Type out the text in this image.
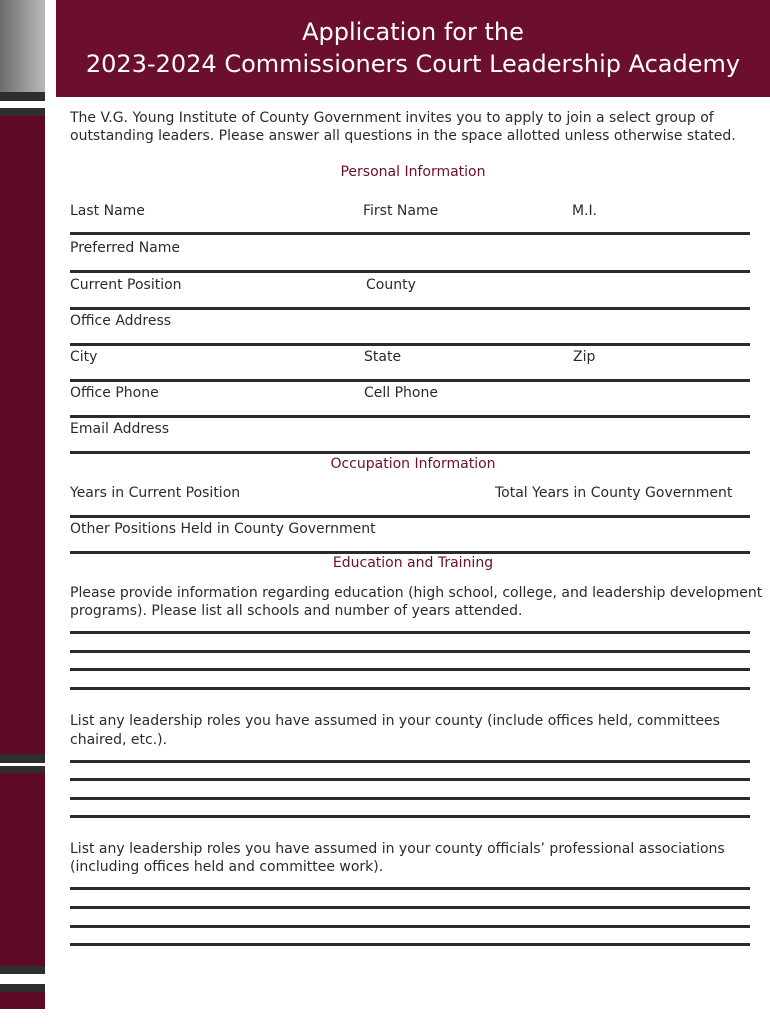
Application for the
2023-2024 Commissioners Court Leadership Academy
The V.G. Young Institute of County Government invites you to apply to join a select group of
outstanding leaders. Please answer all questions in the space allotted unless otherwise stated.
Personal Information
Last Name	First Name	M.I.
Preferred Name
Current Position	County
Office Address
City	State	Zip
Office Phone	Cell Phone
Email Address
Occupation Information
Years in Current Position	Total Years in County Government
Other Positions Held in County Government
Education and Training
Please provide information regarding education (high school, college, and leadership development
programs). Please list all schools and number of years attended.
List any leadership roles you have assumed in your county (include offices held, committees
chaired, etc.).
List any leadership roles you have assumed in your county officials’ professional associations
(including offices held and committee work).
